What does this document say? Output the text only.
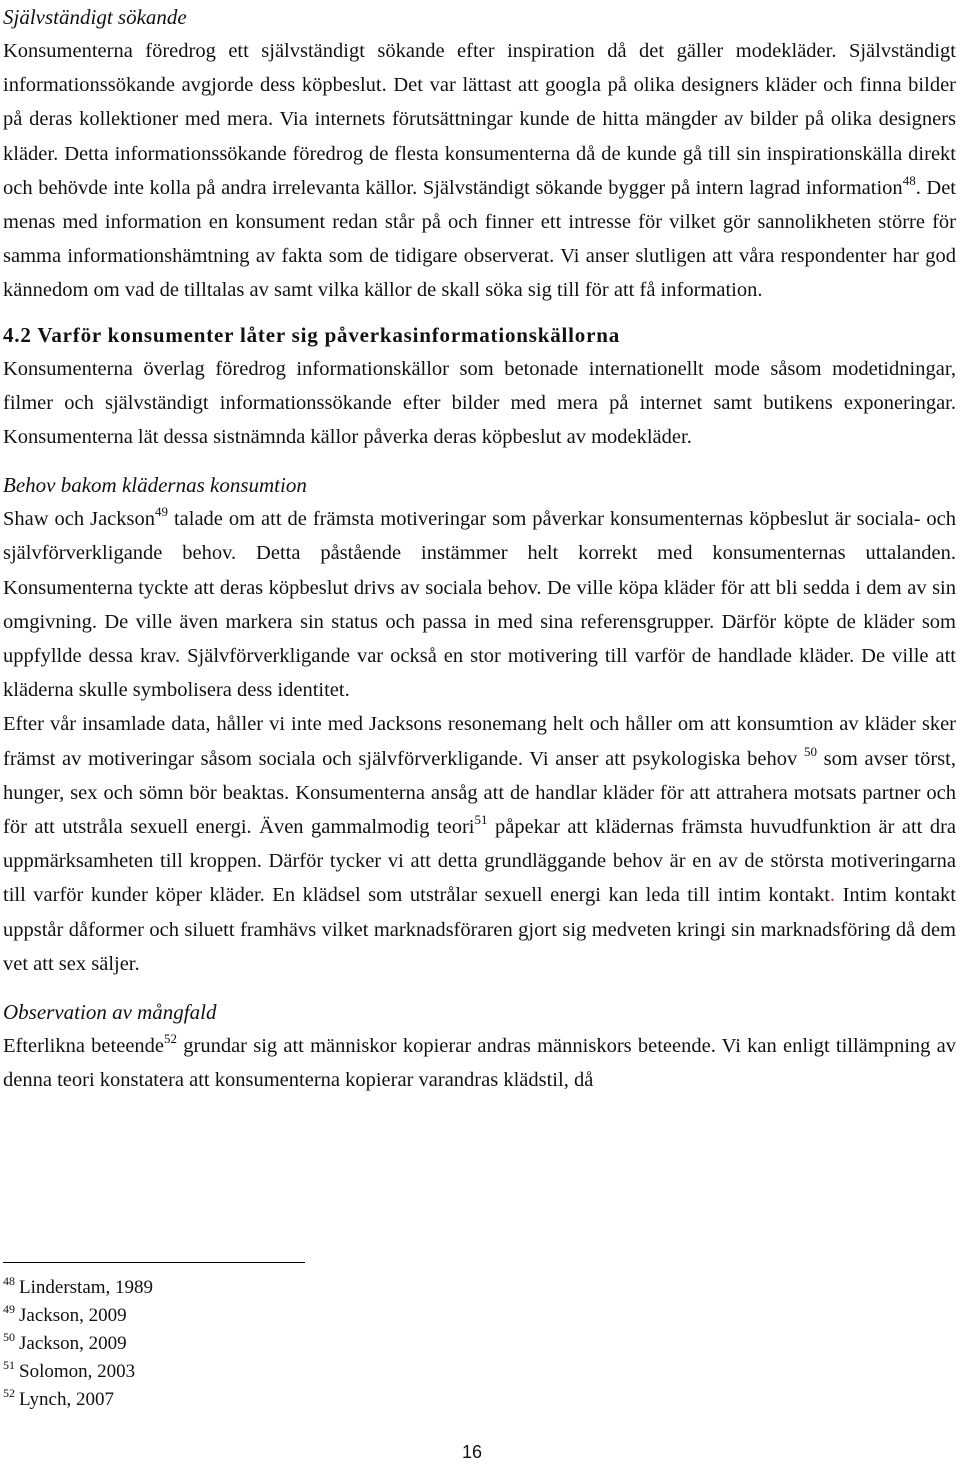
Självständigt sökande

Konsumenterna föredrog ett självständigt sökande efter inspiration då det gäller modekläder. Självständigt informationssökande avgjorde dess köpbeslut. Det var lättast att googla på olika designers kläder och finna bilder på deras kollektioner med mera. Via internets förutsättningar kunde de hitta mängder av bilder på olika designers kläder. Detta informationssökande föredrog de flesta konsumenterna då de kunde gå till sin inspirationskälla direkt och behövde inte kolla på andra irrelevanta källor. Självständigt sökande bygger på intern lagrad information$^{48}$. Det menas med information en konsument redan står på och finner ett intresse för vilket gör sannolikheten större för samma informationshämtning av fakta som de tidigare observerat. Vi anser slutligen att våra respondenter har god kännedom om vad de tilltalas av samt vilka källor de skall söka sig till för att få information.

4.2 Varför konsumenter låter sig påverkasinformationskällorna

Konsumenterna överlag föredrog informationskällor som betonade internationellt mode såsom modetidningar, filmer och självständigt informationssökande efter bilder med mera på internet samt butikens exponeringar. Konsumenterna lät dessa sistnämnda källor påverka deras köpbeslut av modekläder.

Behov bakom klädernas konsumtion

Shaw och Jackson$^{49}$ talade om att de främsta motiveringar som påverkar konsumenternas köpbeslut är sociala- och självförverkligande behov. Detta påstående instämmer helt korrekt med konsumenternas uttalanden. Konsumenterna tyckte att deras köpbeslut drivs av sociala behov. De ville köpa kläder för att bli sedda i dem av sin omgivning. De ville även markera sin status och passa in med sina referensgrupper. Därför köpte de kläder som uppfyllde dessa krav. Självförverkligande var också en stor motivering till varför de handlade kläder. De ville att kläderna skulle symbolisera dess identitet.

Efter vår insamlade data, håller vi inte med Jacksons resonemang helt och håller om att konsumtion av kläder sker främst av motiveringar såsom sociala och självförverkligande. Vi anser att psykologiska behov $^{50}$ som avser törst, hunger, sex och sömn bör beaktas. Konsumenterna ansåg att de handlar kläder för att attrahera motsats partner och för att utstråla sexuell energi. Även gammalmodig teori$^{51}$ påpekar att klädernas främsta huvudfunktion är att dra uppmärksamheten till kroppen. Därför tycker vi att detta grundläggande behov är en av de största motiveringarna till varför kunder köper kläder. En klädsel som utstrålar sexuell energi kan leda till intim kontakt. Intim kontakt uppstår dåformer och siluett framhävs vilket marknadsföraren gjort sig medveten kringi sin marknadsföring då dem vet att sex säljer.

Observation av mångfald

Efterlikna beteende$^{52}$ grundar sig att människor kopierar andras människors beteende. Vi kan enligt tillämpning av denna teori konstatera att konsumenterna kopierar varandras klädstil, då

$^{48}$ Linderstam, 1989
$^{49}$ Jackson, 2009
$^{50}$ Jackson, 2009
$^{51}$ Solomon, 2003
$^{52}$ Lynch, 2007
16
